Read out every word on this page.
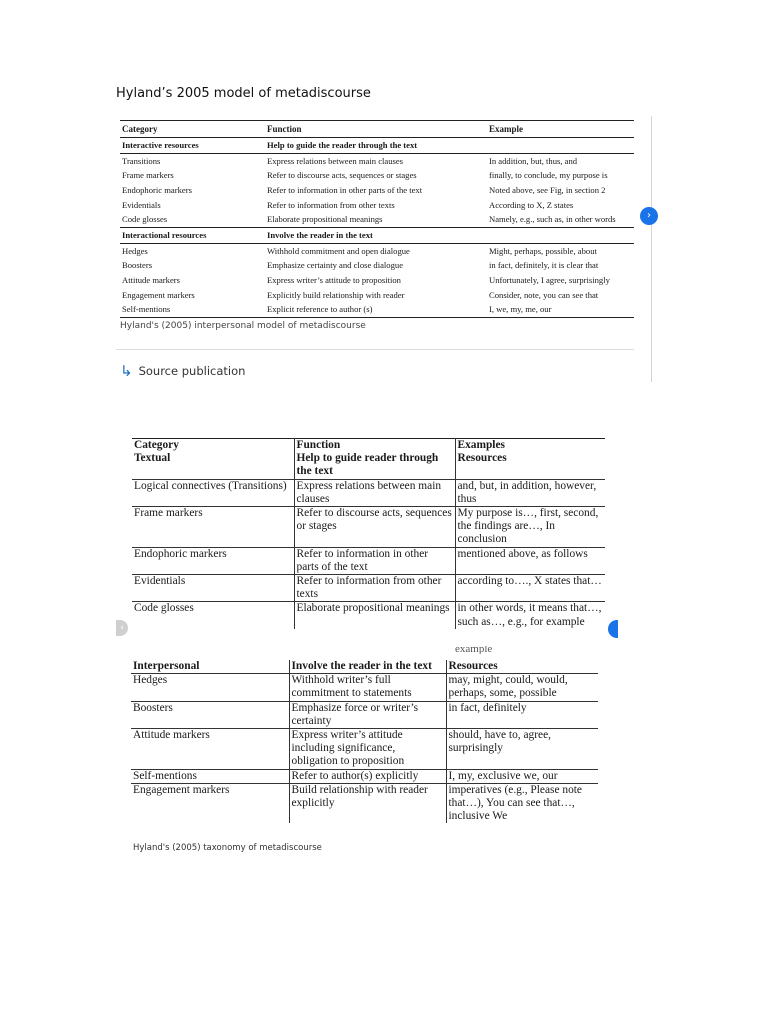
Hyland’s 2005 model of metadiscourse
Category	Function	Example
Interactive resources	Help to guide the reader through the text	
Transitions	Express relations between main clauses	In addition, but, thus, and
Frame markers	Refer to discourse acts, sequences or stages	finally, to conclude, my purpose is
Endophoric markers	Refer to information in other parts of the text	Noted above, see Fig, in section 2
Evidentials	Refer to information from other texts	According to X, Z states
Code glosses	Elaborate propositional meanings	Namely, e.g., such as, in other words
Interactional resources	Involve the reader in the text	
Hedges	Withhold commitment and open dialogue	Might, perhaps, possible, about
Boosters	Emphasize certainty and close dialogue	in fact, definitely, it is clear that
Attitude markers	Express writer’s attitude to proposition	Unfortunately, I agree, surprisingly
Engagement markers	Explicitly build relationship with reader	Consider, note, you can see that
Self-mentions	Explicit reference to author (s)	I, we, my, me, our
Hyland's (2005) interpersonal model of metadiscourse
↳ Source publication
›
Category	Function	Examples
Textual	Help to guide reader through the text	Resources
Logical connectives (Transitions)	Express relations between main clauses	and, but, in addition, however, thus
Frame markers	Refer to discourse acts, sequences or stages	My purpose is…, first, second, the findings are…, In conclusion
Endophoric markers	Refer to information in other parts of the text	mentioned above, as follows
Evidentials	Refer to information from other texts	according to…., X states that…
Code glosses	Elaborate propositional meanings	in other words, it means that…, such as…, e.g., for example
‹
example
Interpersonal	Involve the reader in the text	Resources
Hedges	Withhold writer’s full commitment to statements	may, might, could, would, perhaps, some, possible
Boosters	Emphasize force or writer’s certainty	in fact, definitely
Attitude markers	Express writer’s attitude including significance, obligation to proposition	should, have to, agree, surprisingly
Self-mentions	Refer to author(s) explicitly	I, my, exclusive we, our
Engagement markers	Build relationship with reader explicitly	imperatives (e.g., Please note that…), You can see that…, inclusive We
Hyland's (2005) taxonomy of metadiscourse
